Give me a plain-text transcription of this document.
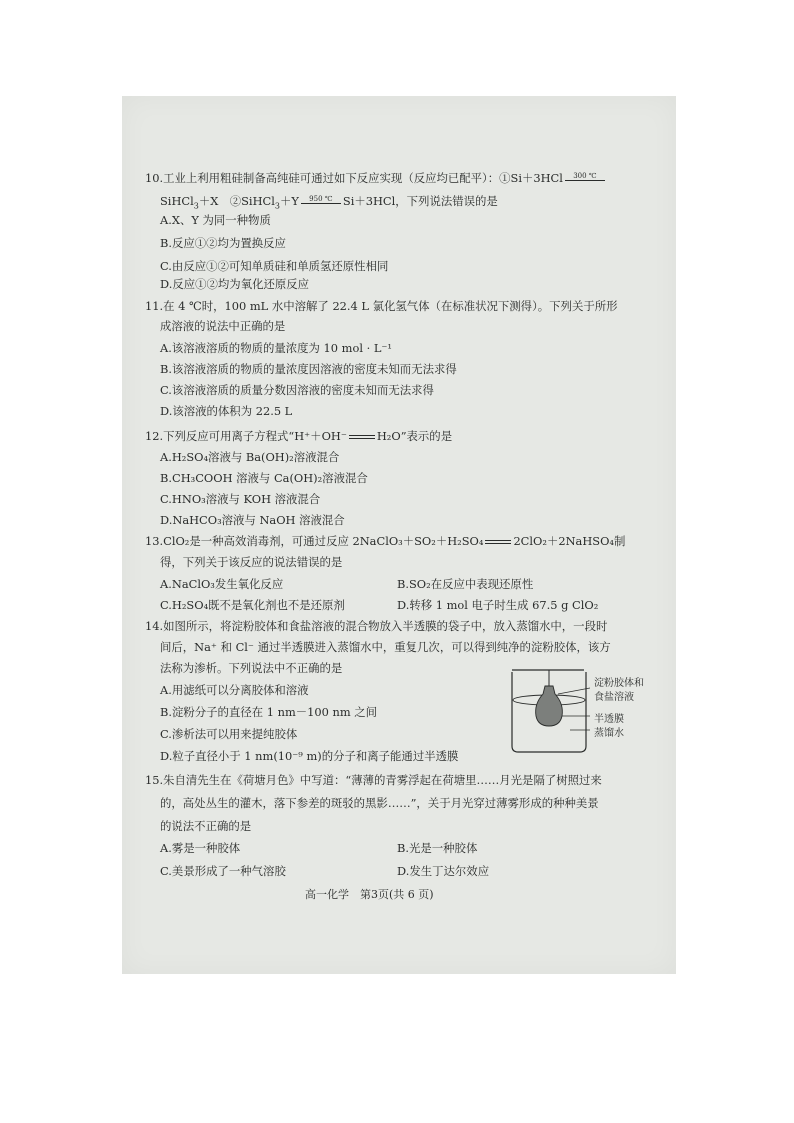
10.工业上利用粗硅制备高纯硅可通过如下反应实现（反应均已配平）：①Si＋3HCl	300 ℃
SiHCl$_3$＋X　②SiHCl$_3$＋Y	950 ℃ Si＋3HCl，下列说法错误的是
A.X、Y 为同一种物质
B.反应①②均为置换反应
C.由反应①②可知单质硅和单质氢还原性相同
D.反应①②均为氧化还原反应
11.在 4 ℃时，100 mL 水中溶解了 22.4 L 氯化氢气体（在标准状况下测得）。下列关于所形
成溶液的说法中正确的是
A.该溶液溶质的物质的量浓度为 10 mol · L⁻¹
B.该溶液溶质的物质的量浓度因溶液的密度未知而无法求得
C.该溶液溶质的质量分数因溶液的密度未知而无法求得
D.该溶液的体积为 22.5 L
12.下列反应可用离子方程式“H⁺＋OH⁻	H₂O”表示的是
A.H₂SO₄溶液与 Ba(OH)₂溶液混合
B.CH₃COOH 溶液与 Ca(OH)₂溶液混合
C.HNO₃溶液与 KOH 溶液混合
D.NaHCO₃溶液与 NaOH 溶液混合
13.ClO₂是一种高效消毒剂，可通过反应 2NaClO₃＋SO₂＋H₂SO₄	2ClO₂＋2NaHSO₄制
得，下列关于该反应的说法错误的是
A.NaClO₃发生氧化反应	B.SO₂在反应中表现还原性
C.H₂SO₄既不是氧化剂也不是还原剂	D.转移 1 mol 电子时生成 67.5 g ClO₂
14.如图所示，将淀粉胶体和食盐溶液的混合物放入半透膜的袋子中，放入蒸馏水中，一段时
间后，Na⁺ 和 Cl⁻ 通过半透膜进入蒸馏水中，重复几次，可以得到纯净的淀粉胶体，该方
法称为渗析。下列说法中不正确的是
A.用滤纸可以分离胶体和溶液
B.淀粉分子的直径在 1 nm－100 nm 之间
C.渗析法可以用来提纯胶体
D.粒子直径小于 1 nm(10⁻⁹ m)的分子和离子能通过半透膜
淀粉胶体和
食盐溶液
半透膜
蒸馏水
15.朱自清先生在《荷塘月色》中写道：“薄薄的青雾浮起在荷塘里……月光是隔了树照过来
的，高处丛生的灌木，落下参差的斑驳的黑影……”，关于月光穿过薄雾形成的种种美景
的说法不正确的是
A.雾是一种胶体	B.光是一种胶体
C.美景形成了一种气溶胶	D.发生丁达尔效应
高一化学　第3页(共 6 页)
